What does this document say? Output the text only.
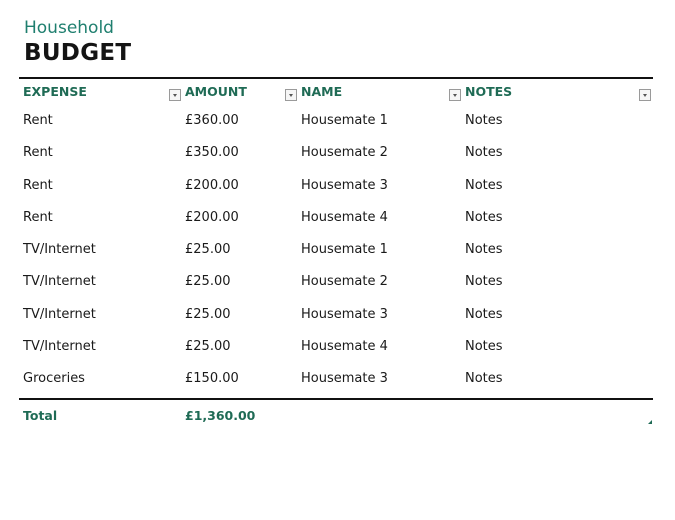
Household
BUDGET
EXPENSE	AMOUNT	NAME	NOTES
Rent	£360.00	Housemate 1	Notes
Rent	£350.00	Housemate 2	Notes
Rent	£200.00	Housemate 3	Notes
Rent	£200.00	Housemate 4	Notes
TV/Internet	£25.00	Housemate 1	Notes
TV/Internet	£25.00	Housemate 2	Notes
TV/Internet	£25.00	Housemate 3	Notes
TV/Internet	£25.00	Housemate 4	Notes
Groceries	£150.00	Housemate 3	Notes
Total	£1,360.00
